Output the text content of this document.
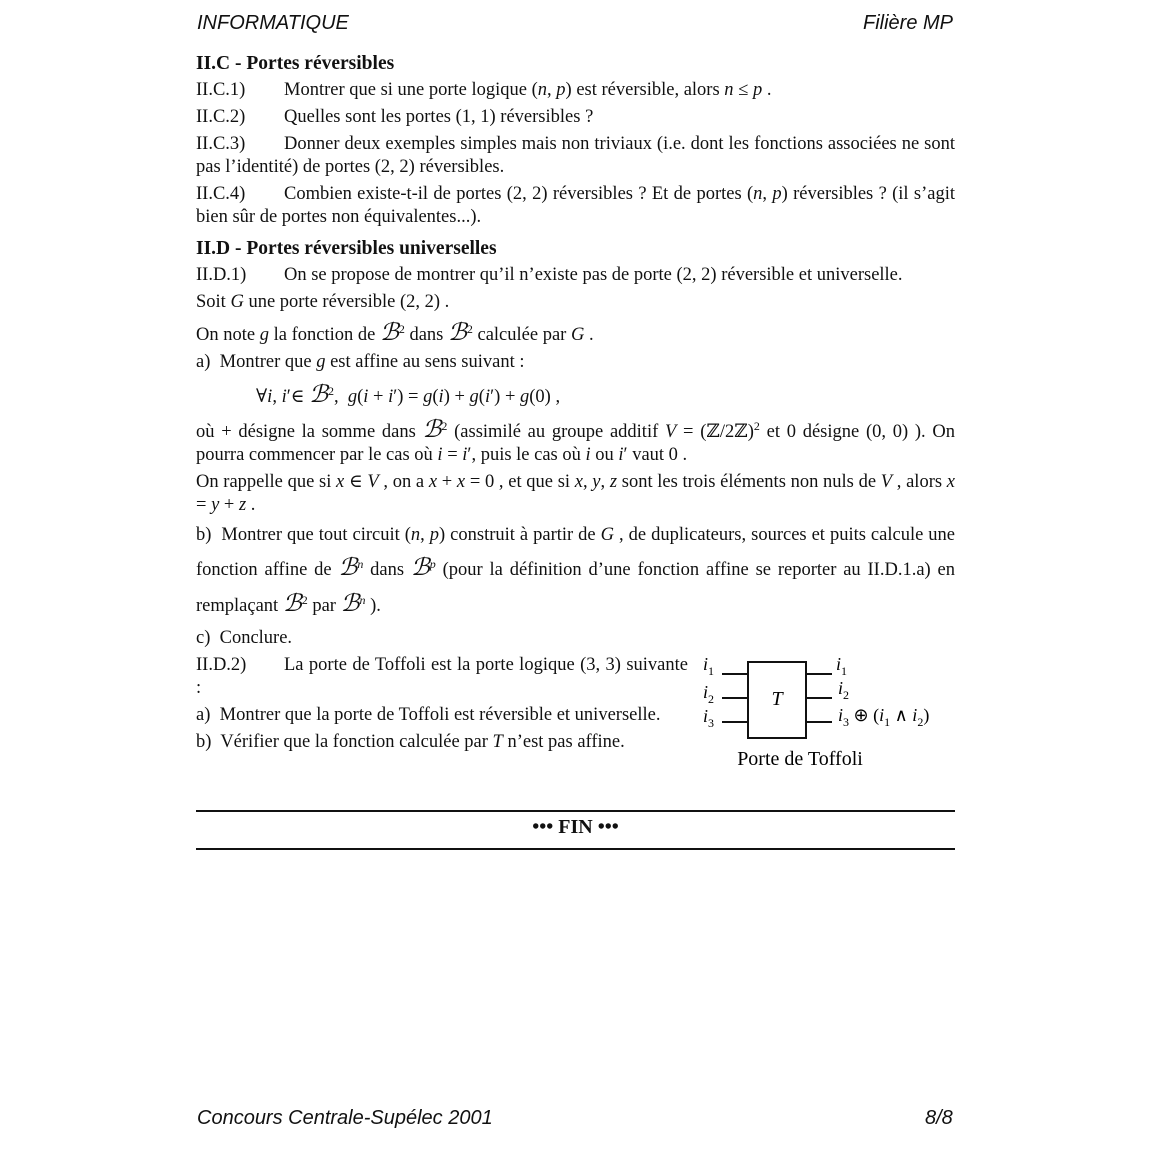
INFORMATIQUE	Filière MP
II.C - Portes réversibles
II.C.1)	Montrer que si une porte logique (n, p) est réversible, alors n ≤ p .
II.C.2)	Quelles sont les portes (1, 1) réversibles ?
II.C.3) Donner deux exemples simples mais non triviaux (i.e. dont les fonctions associées ne sont pas l’identité) de portes (2, 2) réversibles.
II.C.4) Combien existe-t-il de portes (2, 2) réversibles ? Et de portes (n, p) réversibles ? (il s’agit bien sûr de portes non équivalentes...).
II.D - Portes réversibles universelles
II.D.1) On se propose de montrer qu’il n’existe pas de porte (2, 2) réversible et universelle.
Soit G une porte réversible (2, 2) .
On note g la fonction de ℬ$^2$ dans ℬ$^2$ calculée par G .
a)  Montrer que g est affine au sens suivant :
∀i, i′∈ ℬ$^2$,  g(i + i′) = g(i) + g(i′) + g(0) ,
où + désigne la somme dans ℬ$^2$ (assimilé au groupe additif V = (ℤ/2ℤ)$^2$ et 0 désigne (0, 0) ). On pourra commencer par le cas où i = i′, puis le cas où i ou i′ vaut 0 .
On rappelle que si x ∈ V , on a x + x = 0 , et que si x, y, z sont les trois éléments non nuls de V , alors x = y + z .
b)  Montrer que tout circuit (n, p) construit à partir de G , de duplicateurs, sources et puits calcule une fonction affine de ℬ$^n$ dans ℬ$^p$ (pour la définition d’une fonction affine se reporter au II.D.1.a) en remplaçant ℬ$^2$ par ℬ$^n$ ).
c)  Conclure.
II.D.2) La porte de Toffoli est la porte logique (3, 3) suivante :
a)  Montrer que la porte de Toffoli est réversible et universelle.
b)  Vérifier que la fonction calculée par T n’est pas affine.
T
$i_1$
$i_2$
$i_3$
$i_1$
$i_2$
$i_3$ ⊕ ($i_1$ ∧ $i_2$)
Porte de Toffoli
••• FIN •••
Concours Centrale-Supélec 2001	8/8
